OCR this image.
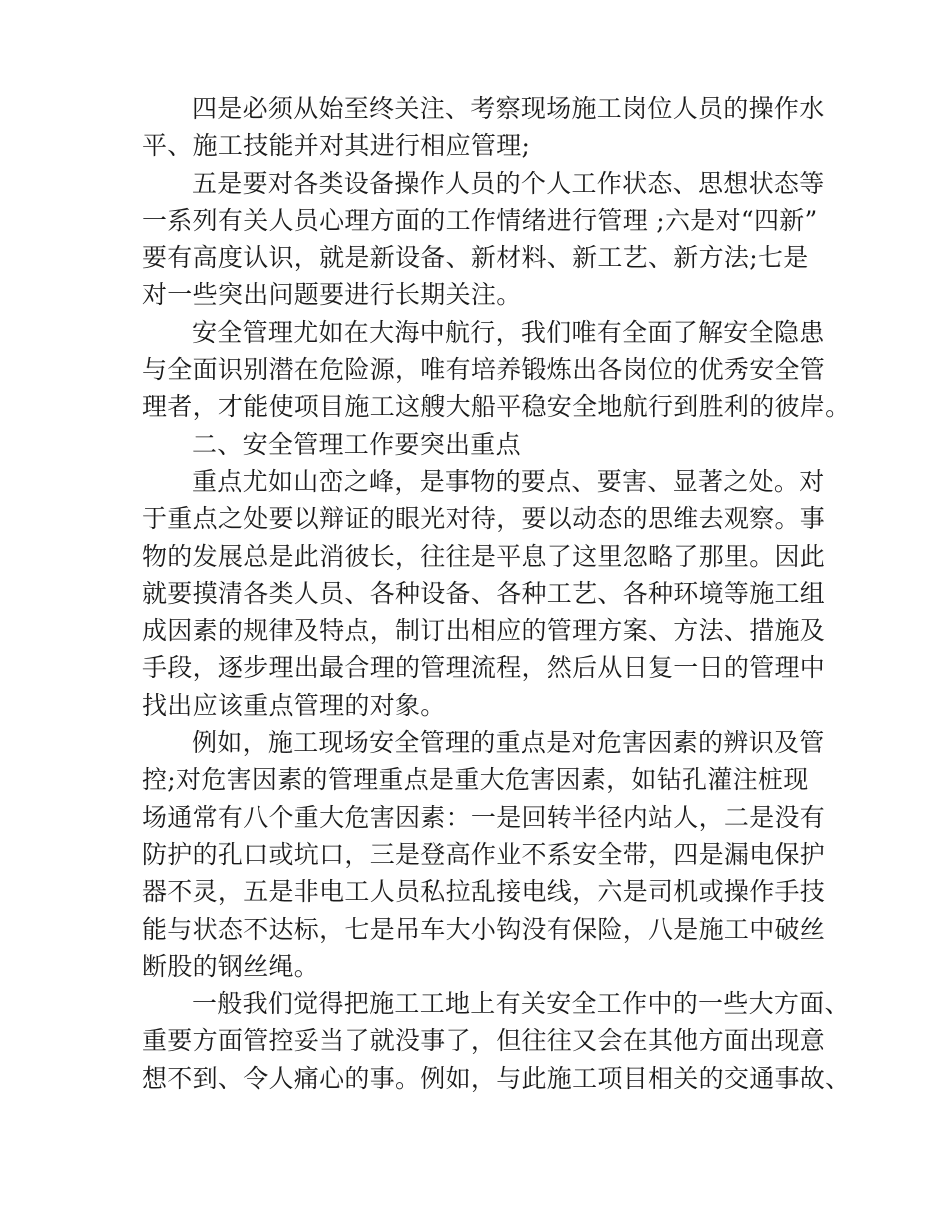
四是必须从始至终关注、考察现场施工岗位人员的操作水
平、施工技能并对其进行相应管理;
五是要对各类设备操作人员的个人工作状态、思想状态等
一系列有关人员心理方面的工作情绪进行管理 ;六是对“四新”
要有高度认识，就是新设备、新材料、新工艺、新方法;七是
对一些突出问题要进行长期关注。
安全管理尤如在大海中航行，我们唯有全面了解安全隐患
与全面识别潜在危险源，唯有培养锻炼出各岗位的优秀安全管
理者，才能使项目施工这艘大船平稳安全地航行到胜利的彼岸。
二、安全管理工作要突出重点
重点尤如山峦之峰，是事物的要点、要害、显著之处。对
于重点之处要以辩证的眼光对待，要以动态的思维去观察。事
物的发展总是此消彼长，往往是平息了这里忽略了那里。因此
就要摸清各类人员、各种设备、各种工艺、各种环境等施工组
成因素的规律及特点，制订出相应的管理方案、方法、措施及
手段，逐步理出最合理的管理流程，然后从日复一日的管理中
找出应该重点管理的对象。
例如，施工现场安全管理的重点是对危害因素的辨识及管
控;对危害因素的管理重点是重大危害因素，如钻孔灌注桩现
场通常有八个重大危害因素：一是回转半径内站人，二是没有
防护的孔口或坑口，三是登高作业不系安全带，四是漏电保护
器不灵，五是非电工人员私拉乱接电线，六是司机或操作手技
能与状态不达标，七是吊车大小钩没有保险，八是施工中破丝
断股的钢丝绳。
一般我们觉得把施工工地上有关安全工作中的一些大方面、
重要方面管控妥当了就没事了，但往往又会在其他方面出现意
想不到、令人痛心的事。例如，与此施工项目相关的交通事故、
